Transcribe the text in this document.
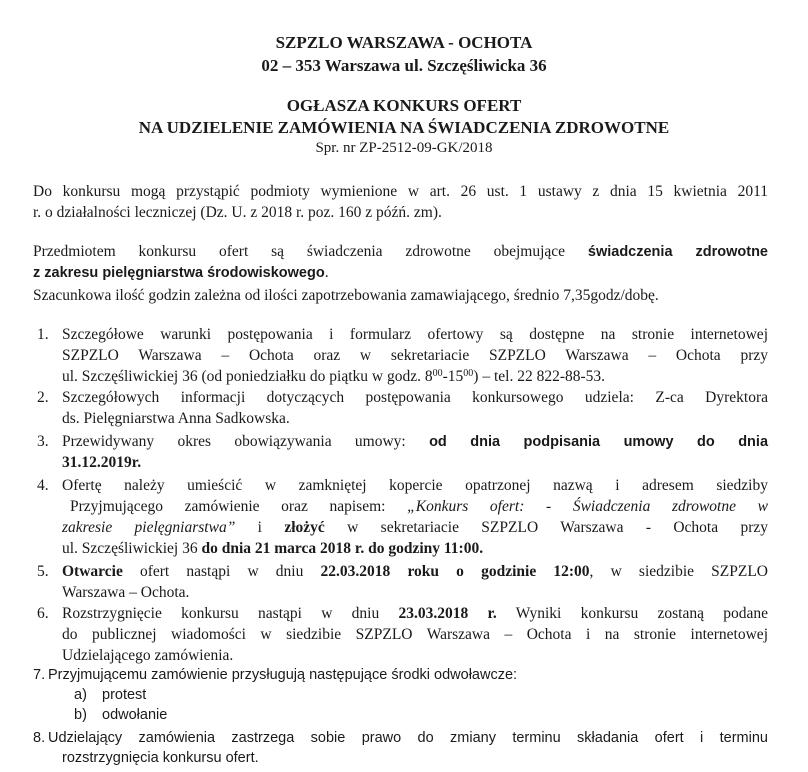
SZPZLO WARSZAWA - OCHOTA
02 – 353 Warszawa ul. Szczęśliwicka 36
OGŁASZA KONKURS OFERT
NA UDZIELENIE ZAMÓWIENIA NA ŚWIADCZENIA ZDROWOTNE
Spr. nr ZP-2512-09-GK/2018
Do konkursu mogą przystąpić podmioty wymienione w art. 26 ust. 1 ustawy z dnia 15 kwietnia 2011
r. o działalności leczniczej (Dz. U. z 2018 r. poz. 160 z późń. zm).
Przedmiotem konkursu ofert są świadczenia zdrowotne obejmujące świadczenia zdrowotne
z zakresu pielęgniarstwa środowiskowego.
Szacunkowa ilość godzin zależna od ilości zapotrzebowania zamawiającego, średnio 7,35godz/dobę.
1. Szczegółowe warunki postępowania i formularz ofertowy są dostępne na stronie internetowej
SZPZLO Warszawa – Ochota oraz w sekretariacie SZPZLO Warszawa – Ochota przy
ul. Szczęśliwickiej 36 (od poniedziałku do piątku w godz. $8^{00}-15^{00}$) – tel. 22 822-88-53.
2. Szczegółowych informacji dotyczących postępowania konkursowego udziela: Z-ca Dyrektora
ds. Pielęgniarstwa Anna Sadkowska.
3. Przewidywany okres obowiązywania umowy: od dnia podpisania umowy do dnia
31.12.2019r.
4. Ofertę należy umieścić w zamkniętej kopercie opatrzonej nazwą i adresem siedziby
Przyjmującego zamówienie oraz napisem: „Konkurs ofert: - Świadczenia zdrowotne w
zakresie pielęgniarstwa” i złożyć w sekretariacie SZPZLO Warszawa - Ochota przy
ul. Szczęśliwickiej 36 do dnia 21 marca 2018 r. do godziny 11:00.
5. Otwarcie ofert nastąpi w dniu 22.03.2018 roku o godzinie 12:00, w siedzibie SZPZLO
Warszawa – Ochota.
6. Rozstrzygnięcie konkursu nastąpi w dniu 23.03.2018 r. Wyniki konkursu zostaną podane
do publicznej wiadomości w siedzibie SZPZLO Warszawa – Ochota i na stronie internetowej
Udzielającego zamówienia.
7. Przyjmującemu zamówienie przysługują następujące środki odwoławcze:
a) protest
b) odwołanie
8. Udzielający zamówienia zastrzega sobie prawo do zmiany terminu składania ofert i terminu
rozstrzygnięcia konkursu ofert.
